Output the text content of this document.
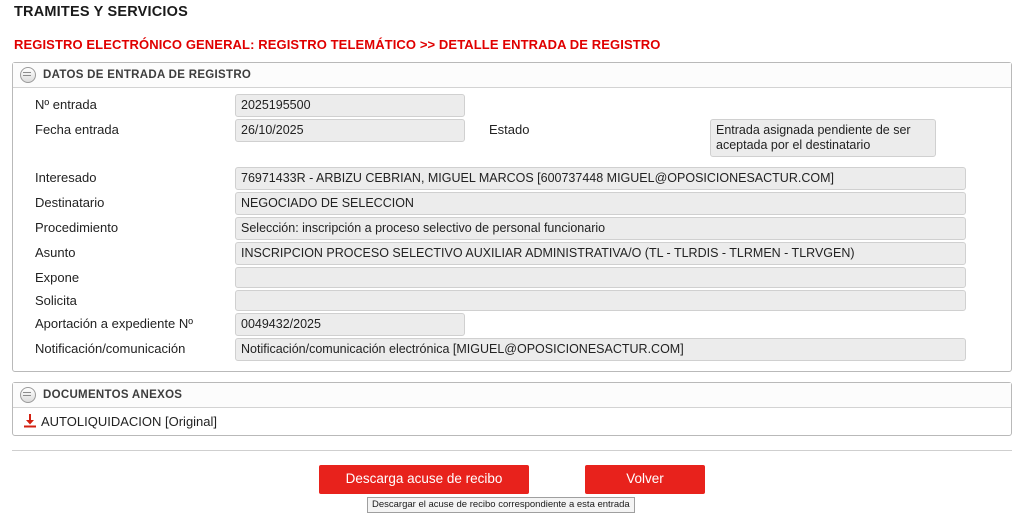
TRAMITES Y SERVICIOS
REGISTRO ELECTRÓNICO GENERAL: REGISTRO TELEMÁTICO >> DETALLE ENTRADA DE REGISTRO
DATOS DE ENTRADA DE REGISTRO
Nº entrada	2025195500
Fecha entrada	26/10/2025	Estado	Entrada asignada pendiente de ser aceptada por el destinatario
Interesado	76971433R - ARBIZU CEBRIAN, MIGUEL MARCOS [600737448 MIGUEL@OPOSICIONESACTUR.COM]
Destinatario	NEGOCIADO DE SELECCION
Procedimiento	Selección: inscripción a proceso selectivo de personal funcionario
Asunto	INSCRIPCION PROCESO SELECTIVO AUXILIAR ADMINISTRATIVA/O (TL - TLRDIS - TLRMEN - TLRVGEN)
Expone
Solicita
Aportación a expediente Nº	0049432/2025
Notificación/comunicación	Notificación/comunicación electrónica [MIGUEL@OPOSICIONESACTUR.COM]
DOCUMENTOS ANEXOS
AUTOLIQUIDACION [Original]
Descarga acuse de recibo	Volver
Descargar el acuse de recibo correspondiente a esta entrada
